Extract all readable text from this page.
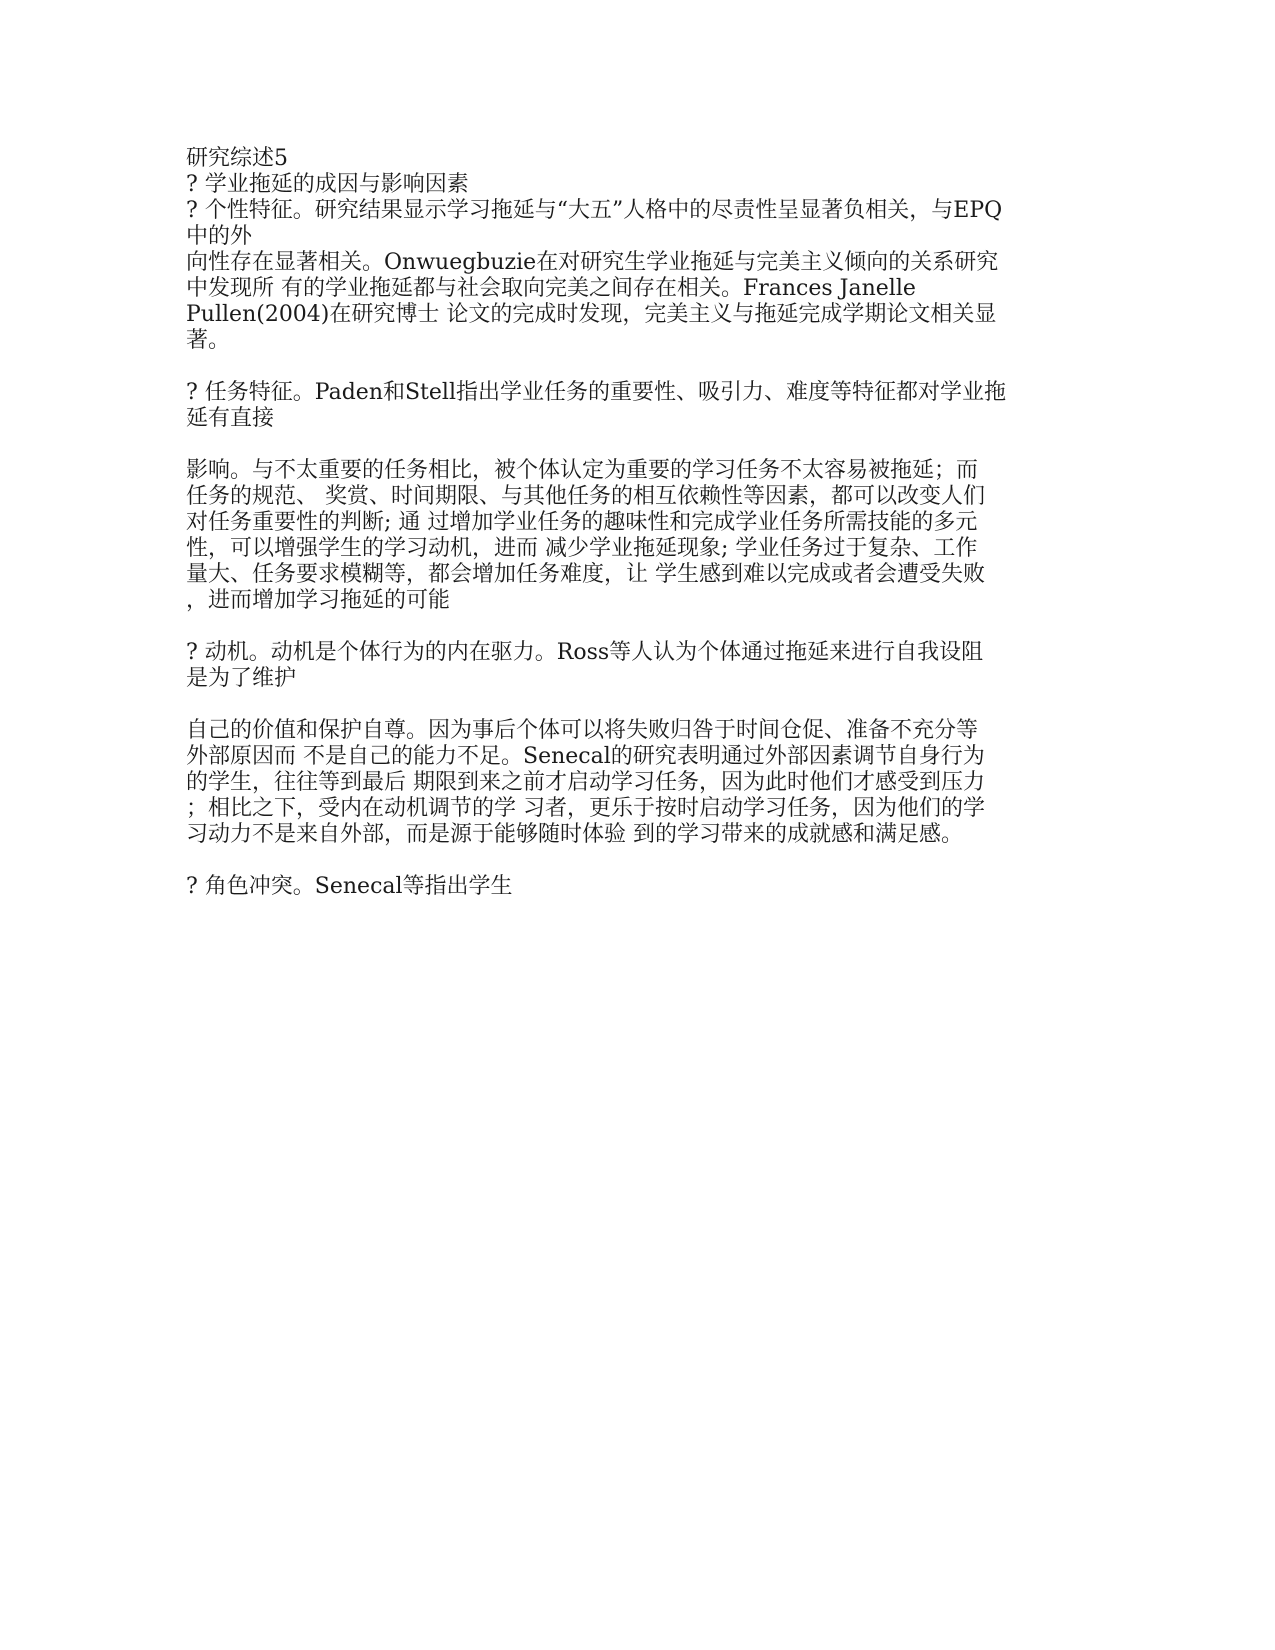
研究综述5
? 学业拖延的成因与影响因素
? 个性特征。研究结果显示学习拖延与“大五”人格中的尽责性呈显著负相关，与EPQ
中的外
向性存在显著相关。Onwuegbuzie在对研究生学业拖延与完美主义倾向的关系研究
中发现所 有的学业拖延都与社会取向完美之间存在相关。Frances Janelle
Pullen(2004)在研究博士 论文的完成时发现，完美主义与拖延完成学期论文相关显
著。
? 任务特征。Paden和Stell指出学业任务的重要性、吸引力、难度等特征都对学业拖
延有直接
影响。与不太重要的任务相比，被个体认定为重要的学习任务不太容易被拖延；而
任务的规范、 奖赏、时间期限、与其他任务的相互依赖性等因素，都可以改变人们
对任务重要性的判断; 通 过增加学业任务的趣味性和完成学业任务所需技能的多元
性，可以增强学生的学习动机，进而 减少学业拖延现象; 学业任务过于复杂、工作
量大、任务要求模糊等，都会增加任务难度，让 学生感到难以完成或者会遭受失败
，进而增加学习拖延的可能
? 动机。动机是个体行为的内在驱力。Ross等人认为个体通过拖延来进行自我设阻
是为了维护
自己的价值和保护自尊。因为事后个体可以将失败归咎于时间仓促、准备不充分等
外部原因而 不是自己的能力不足。Senecal的研究表明通过外部因素调节自身行为
的学生，往往等到最后 期限到来之前才启动学习任务，因为此时他们才感受到压力
；相比之下，受内在动机调节的学 习者，更乐于按时启动学习任务，因为他们的学
习动力不是来自外部，而是源于能够随时体验 到的学习带来的成就感和满足感。
? 角色冲突。Senecal等指出学生
